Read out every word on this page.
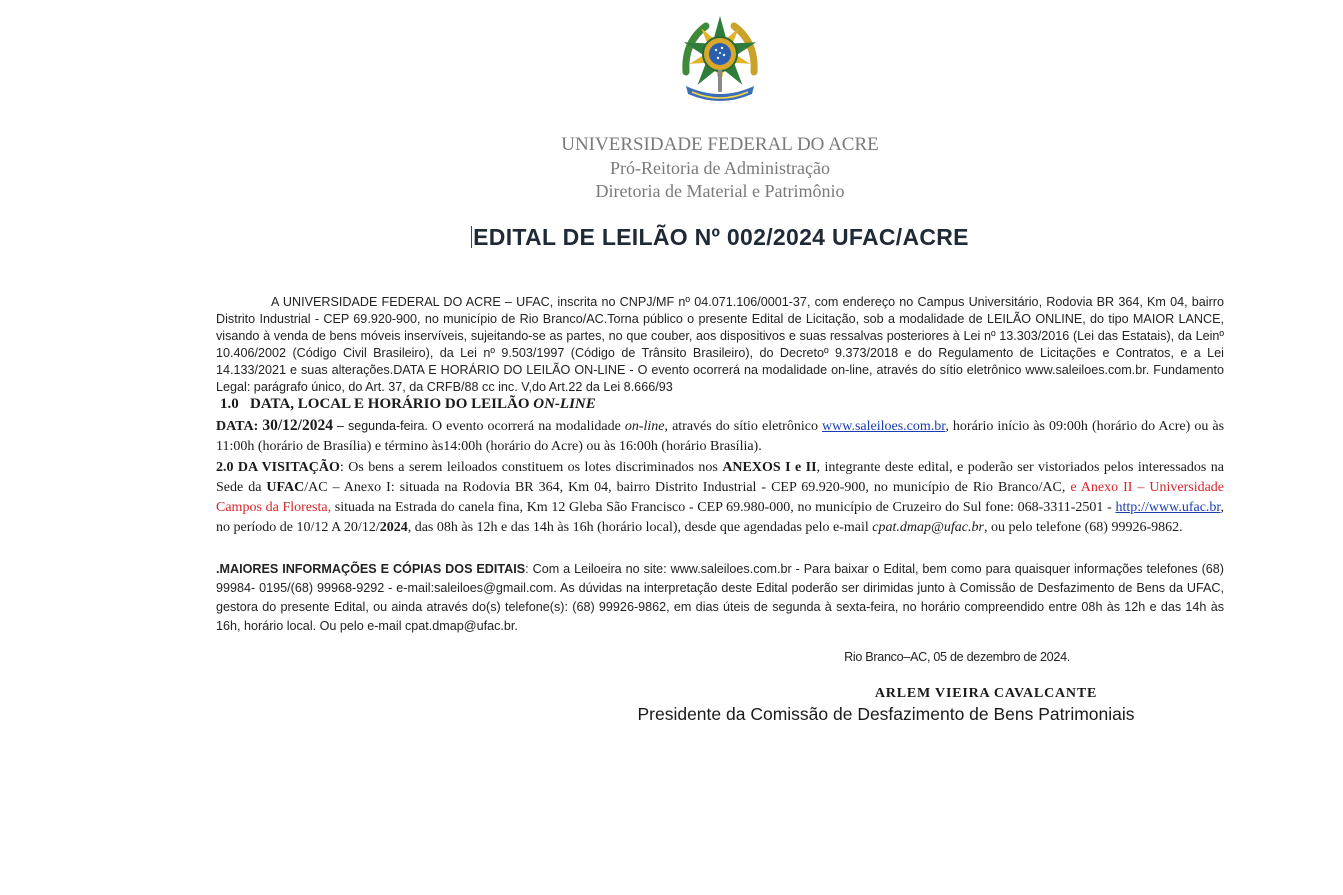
UNIVERSIDADE FEDERAL DO ACRE
Pró-Reitoria de Administração
Diretoria de Material e Patrimônio
EDITAL DE LEILÃO Nº 002/2024 UFAC/ACRE
A UNIVERSIDADE FEDERAL DO ACRE – UFAC, inscrita no CNPJ/MF nº 04.071.106/0001-37, com endereço no Campus Universitário, Rodovia BR 364, Km 04, bairro Distrito Industrial - CEP 69.920-900, no município de Rio Branco/AC.Torna público o presente Edital de Licitação, sob a modalidade de LEILÃO ONLINE, do tipo MAIOR LANCE, visando à venda de bens móveis inservíveis, sujeitando-se as partes, no que couber, aos dispositivos e suas ressalvas posteriores à Lei nº 13.303/2016 (Lei das Estatais), da Leinº 10.406/2002 (Código Civil Brasileiro), da Lei nº 9.503/1997 (Código de Trânsito Brasileiro), do Decretoº 9.373/2018 e do Regulamento de Licitações e Contratos, e a Lei 14.133/2021 e suas alterações.DATA E HORÁRIO DO LEILÃO ON-LINE - O evento ocorrerá na modalidade on-line, através do sítio eletrônico www.saleiloes.com.br. Fundamento Legal: parágrafo único, do Art. 37, da CRFB/88 cc inc. V,do Art.22 da Lei 8.666/93
1.0 DATA, LOCAL E HORÁRIO DO LEILÃO ON-LINE
DATA: 30/12/2024 – segunda-feira. O evento ocorrerá na modalidade on-line, através do sítio eletrônico www.saleiloes.com.br, horário início às 09:00h (horário do Acre) ou às 11:00h (horário de Brasília) e término às14:00h (horário do Acre) ou às 16:00h (horário Brasília).
2.0 DA VISITAÇÃO: Os bens a serem leiloados constituem os lotes discriminados nos ANEXOS I e II, integrante deste edital, e poderão ser vistoriados pelos interessados na Sede da UFAC/AC – Anexo I: situada na Rodovia BR 364, Km 04, bairro Distrito Industrial - CEP 69.920-900, no município de Rio Branco/AC, e Anexo II – Universidade Campos da Floresta, situada na Estrada do canela fina, Km 12 Gleba São Francisco - CEP 69.980-000, no município de Cruzeiro do Sul fone: 068-3311-2501 - http://www.ufac.br, no período de 10/12 A 20/12/2024, das 08h às 12h e das 14h às 16h (horário local), desde que agendadas pelo e-mail cpat.dmap@ufac.br, ou pelo telefone (68) 99926-9862.
.MAIORES INFORMAÇÕES E CÓPIAS DOS EDITAIS: Com a Leiloeira no site: www.saleiloes.com.br - Para baixar o Edital, bem como para quaisquer informações telefones (68) 99984- 0195/(68) 99968-9292 - e-mail:saleiloes@gmail.com. As dúvidas na interpretação deste Edital poderão ser dirimidas junto à Comissão de Desfazimento de Bens da UFAC, gestora do presente Edital, ou ainda através do(s) telefone(s): (68) 99926-9862, em dias úteis de segunda à sexta-feira, no horário compreendido entre 08h às 12h e das 14h às 16h, horário local. Ou pelo e-mail cpat.dmap@ufac.br.
Rio Branco–AC, 05 de dezembro de 2024.
ARLEM VIEIRA CAVALCANTE
Presidente da Comissão de Desfazimento de Bens Patrimoniais
